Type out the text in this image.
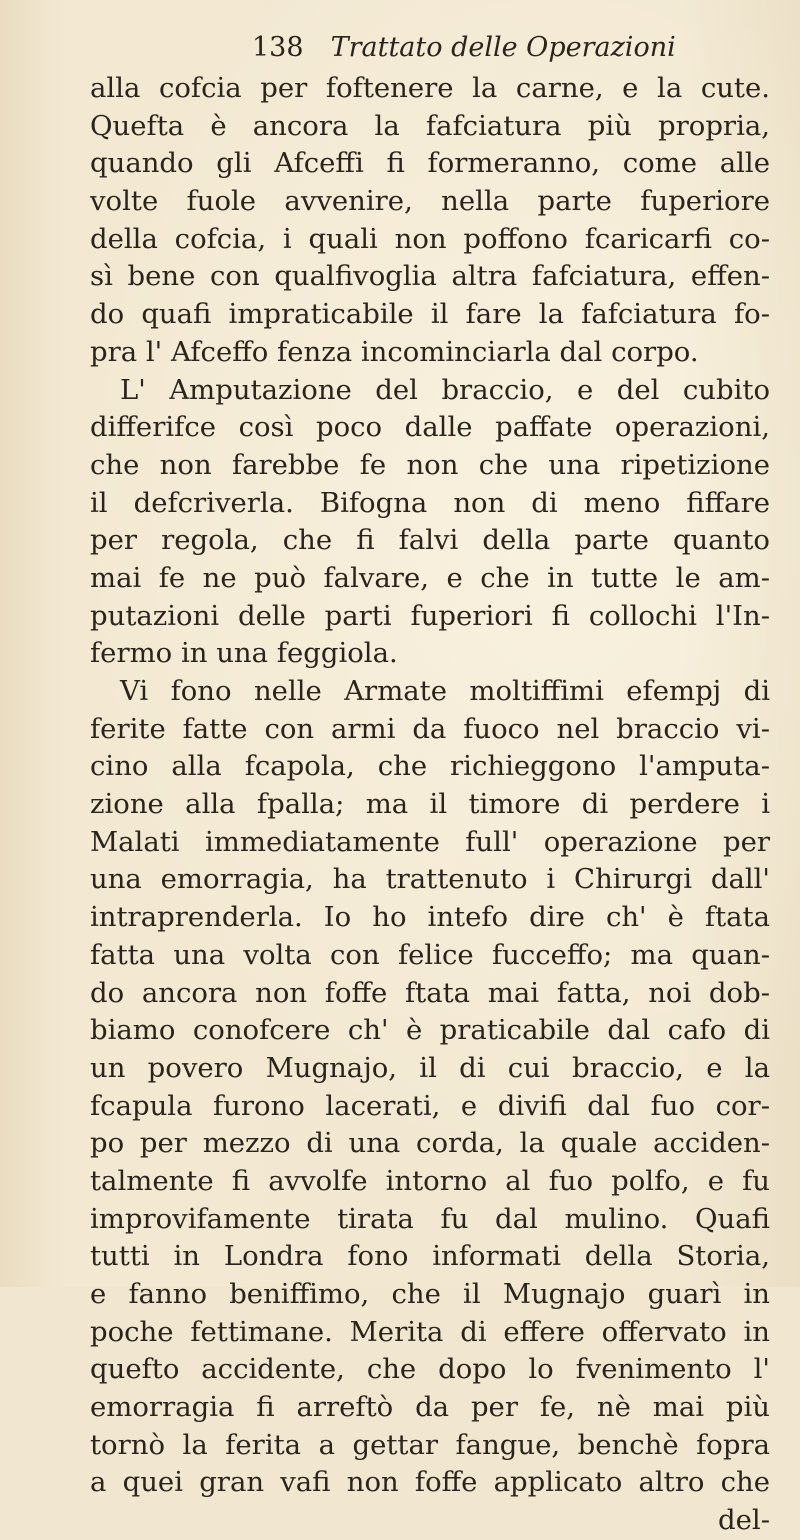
138 Trattato delle Operazioni
alla cofcia per foftenere la carne, e la cute.
Quefta è ancora la fafciatura più propria,
quando gli Afceffi fi formeranno, come alle
volte fuole avvenire, nella parte fuperiore
della cofcia, i quali non poffono fcaricarfi co-
sì bene con qualfivoglia altra fafciatura, effen-
do quafi impraticabile il fare la fafciatura fo-
pra l' Afceffo fenza incominciarla dal corpo.
L' Amputazione del braccio, e del cubito
differifce così poco dalle paffate operazioni,
che non farebbe fe non che una ripetizione
il defcriverla. Bifogna non di meno fiffare
per regola, che fi falvi della parte quanto
mai fe ne può falvare, e che in tutte le am-
putazioni delle parti fuperiori fi collochi l'In-
fermo in una feggiola.
Vi fono nelle Armate moltiffimi efempj di
ferite fatte con armi da fuoco nel braccio vi-
cino alla fcapola, che richieggono l'amputa-
zione alla fpalla; ma il timore di perdere i
Malati immediatamente full' operazione per
una emorragia, ha trattenuto i Chirurgi dall'
intraprenderla. Io ho intefo dire ch' è ftata
fatta una volta con felice fucceffo; ma quan-
do ancora non foffe ftata mai fatta, noi dob-
biamo conofcere ch' è praticabile dal cafo di
un povero Mugnajo, il di cui braccio, e la
fcapula furono lacerati, e divifi dal fuo cor-
po per mezzo di una corda, la quale acciden-
talmente fi avvolfe intorno al fuo polfo, e fu
improvifamente tirata fu dal mulino. Quafi
tutti in Londra fono informati della Storia,
e fanno beniffimo, che il Mugnajo guarì in
poche fettimane. Merita di effere offervato in
quefto accidente, che dopo lo fvenimento l'
emorragia fi arreftò da per fe, nè mai più
tornò la ferita a gettar fangue, benchè fopra
a quei gran vafi non foffe applicato altro che
del-
